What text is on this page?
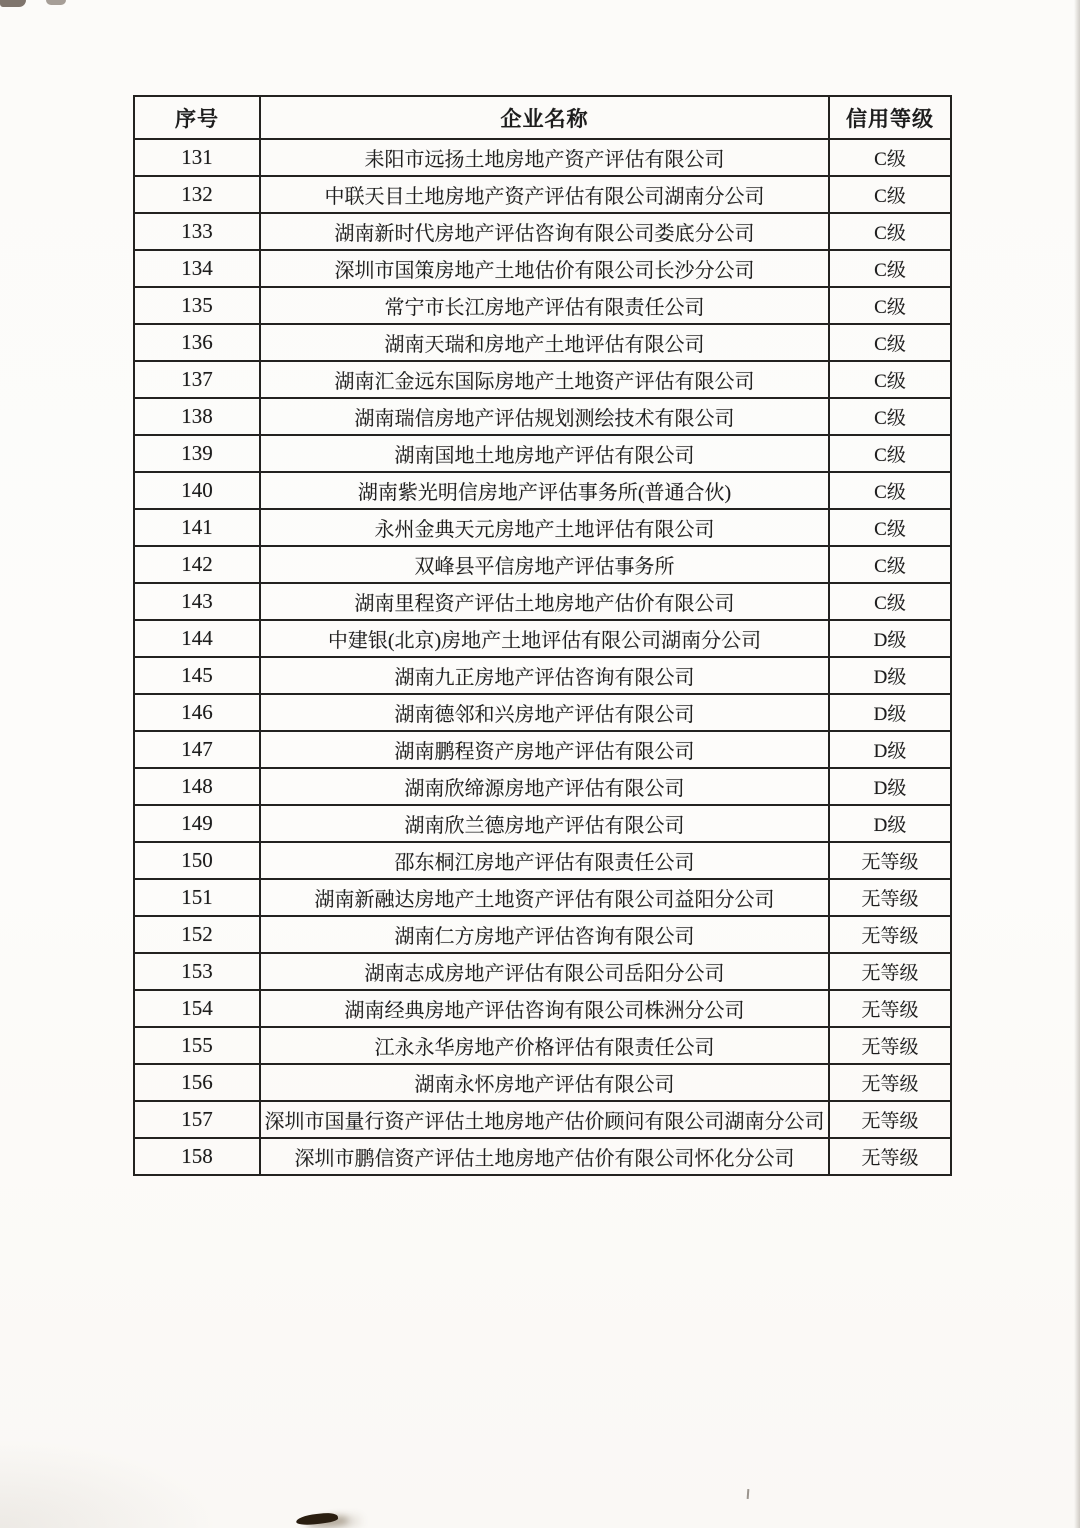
序号	企业名称	信用等级
131	耒阳市远扬土地房地产资产评估有限公司	C级
132	中联天目土地房地产资产评估有限公司湖南分公司	C级
133	湖南新时代房地产评估咨询有限公司娄底分公司	C级
134	深圳市国策房地产土地估价有限公司长沙分公司	C级
135	常宁市长江房地产评估有限责任公司	C级
136	湖南天瑞和房地产土地评估有限公司	C级
137	湖南汇金远东国际房地产土地资产评估有限公司	C级
138	湖南瑞信房地产评估规划测绘技术有限公司	C级
139	湖南国地土地房地产评估有限公司	C级
140	湖南紫光明信房地产评估事务所(普通合伙)	C级
141	永州金典天元房地产土地评估有限公司	C级
142	双峰县平信房地产评估事务所	C级
143	湖南里程资产评估土地房地产估价有限公司	C级
144	中建银(北京)房地产土地评估有限公司湖南分公司	D级
145	湖南九正房地产评估咨询有限公司	D级
146	湖南德邻和兴房地产评估有限公司	D级
147	湖南鹏程资产房地产评估有限公司	D级
148	湖南欣缔源房地产评估有限公司	D级
149	湖南欣兰德房地产评估有限公司	D级
150	邵东桐江房地产评估有限责任公司	无等级
151	湖南新融达房地产土地资产评估有限公司益阳分公司	无等级
152	湖南仁方房地产评估咨询有限公司	无等级
153	湖南志成房地产评估有限公司岳阳分公司	无等级
154	湖南经典房地产评估咨询有限公司株洲分公司	无等级
155	江永永华房地产价格评估有限责任公司	无等级
156	湖南永怀房地产评估有限公司	无等级
157	深圳市国量行资产评估土地房地产估价顾问有限公司湖南分公司	无等级
158	深圳市鹏信资产评估土地房地产估价有限公司怀化分公司	无等级
